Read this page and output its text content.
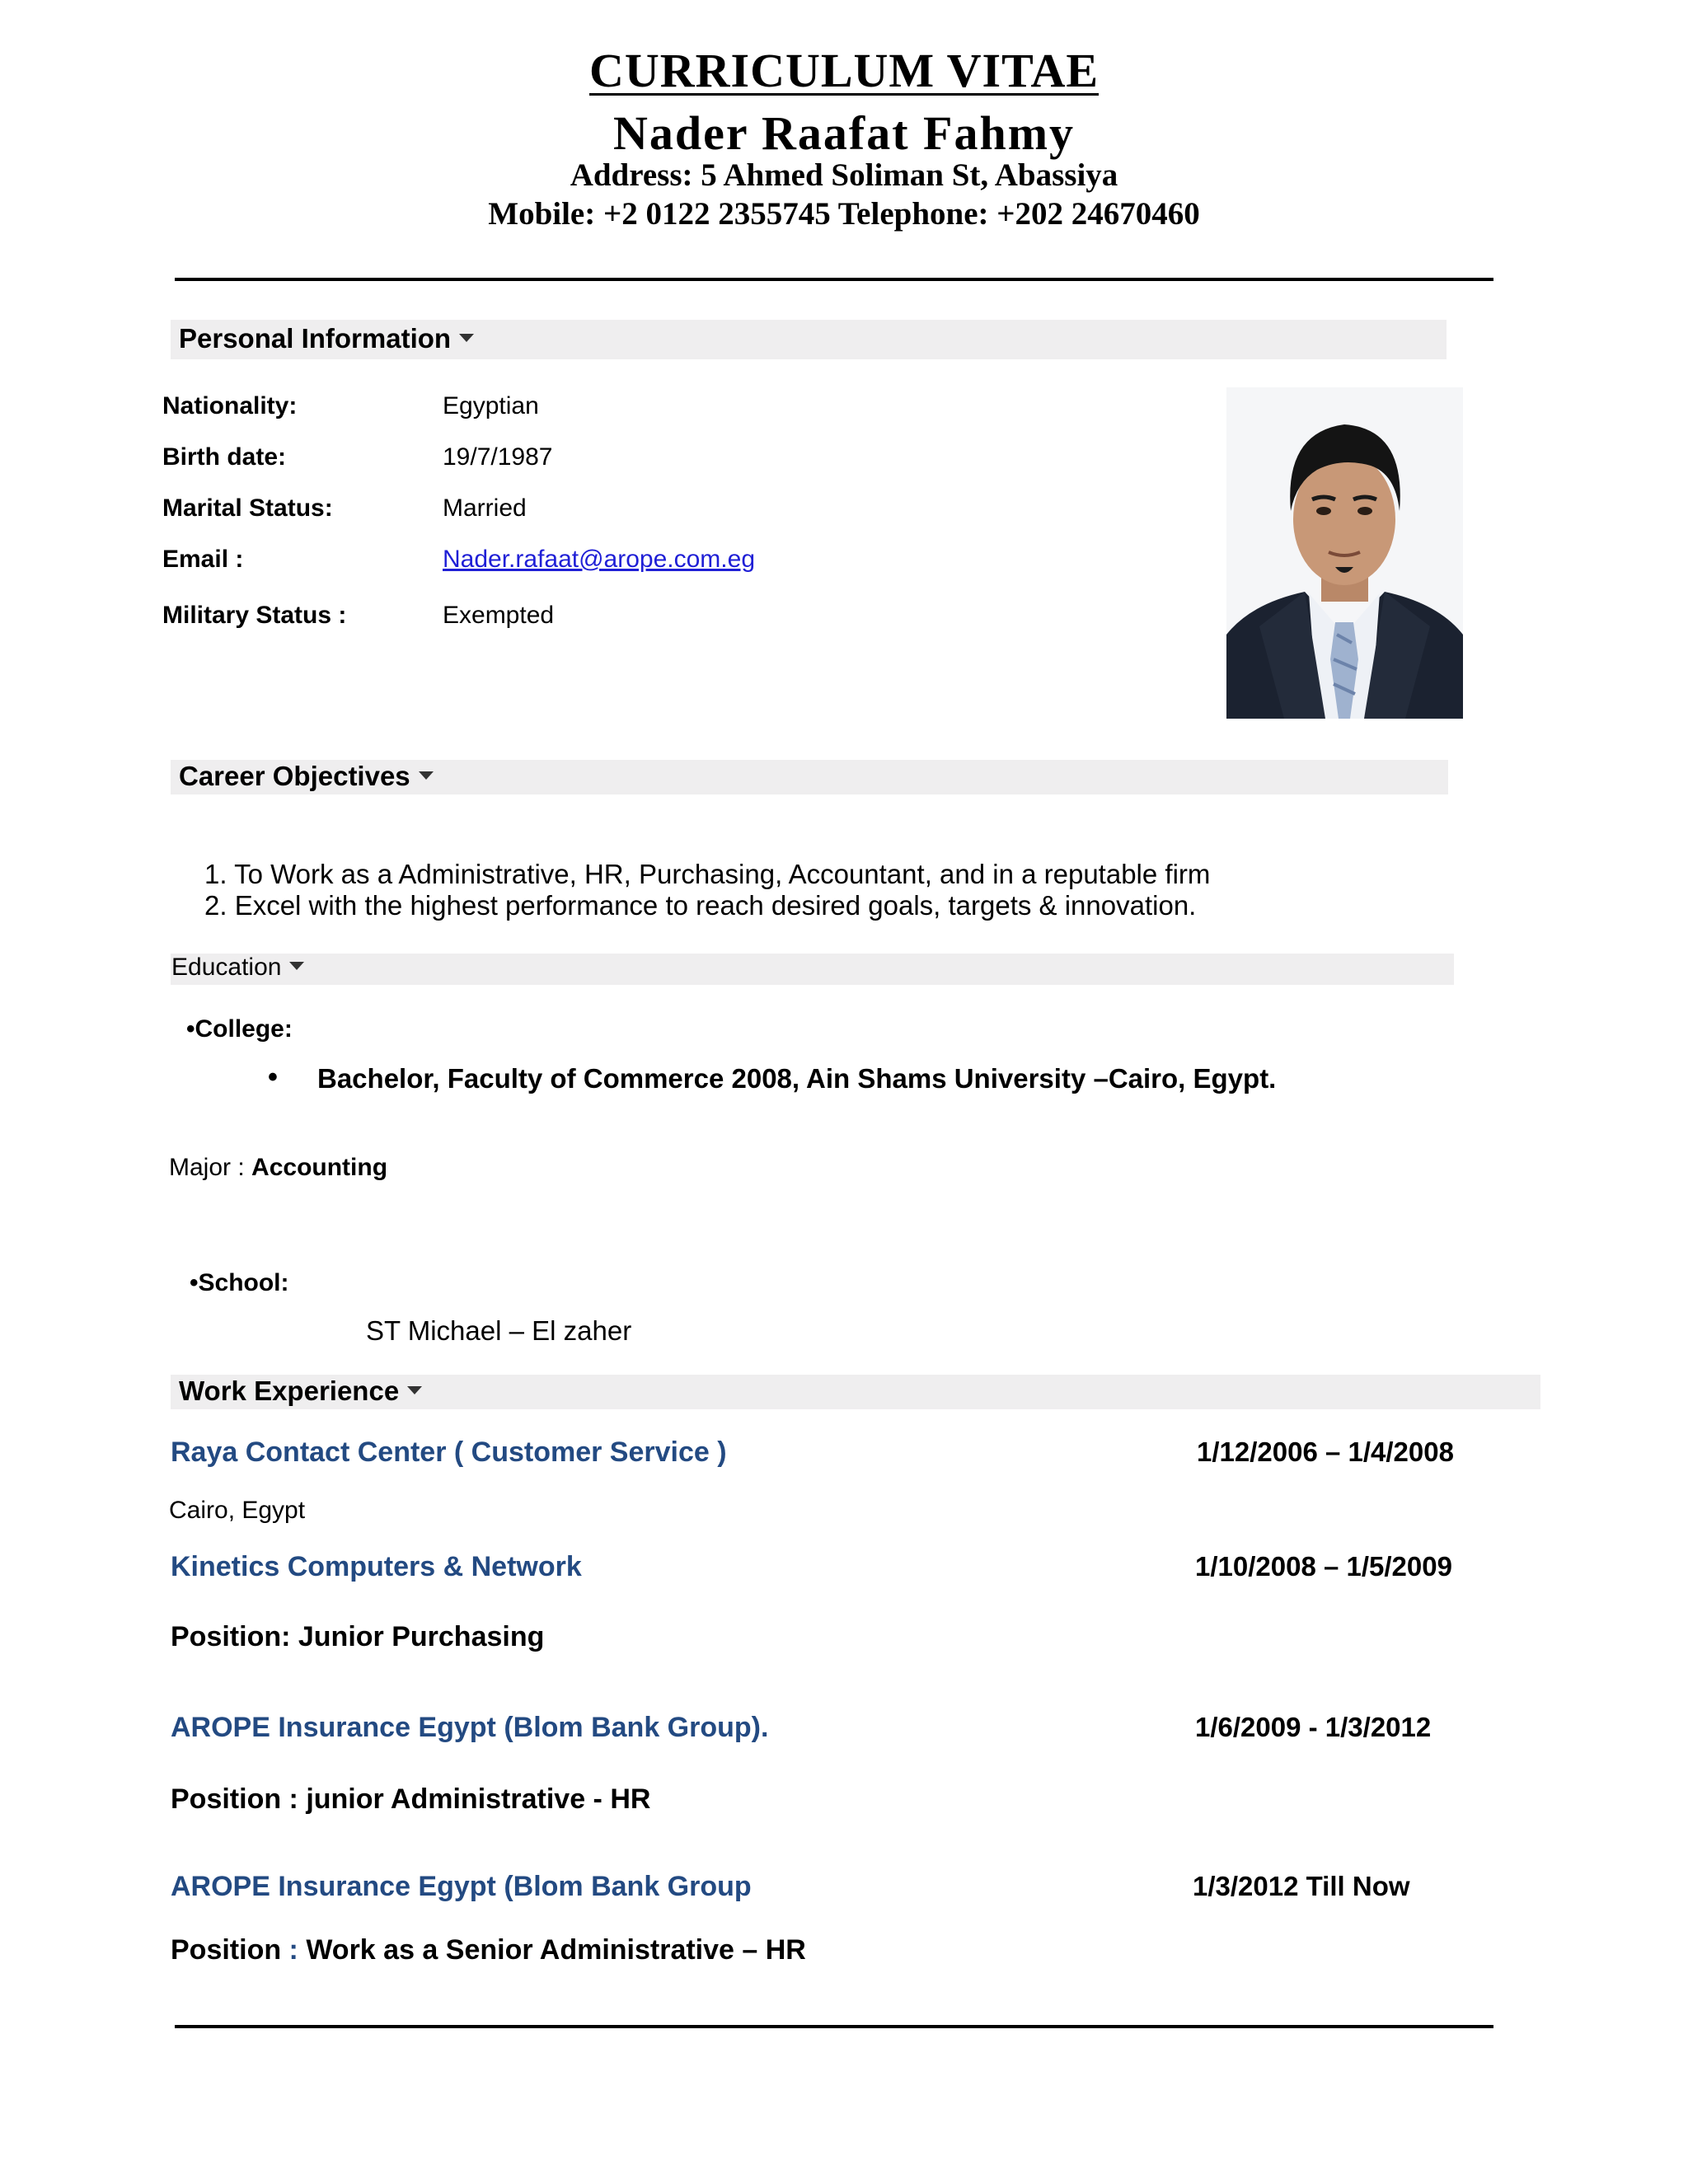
CURRICULUM VITAE
Nader Raafat Fahmy
Address: 5 Ahmed Soliman St, Abassiya
Mobile: +2 0122 2355745 Telephone: +202 24670460
Personal Information
Nationality:	Egyptian
Birth date:	19/7/1987
Marital Status:	Married
Email :	Nader.rafaat@arope.com.eg
Military Status :	Exempted
Career Objectives
1. To Work as a Administrative, HR, Purchasing, Accountant, and in a reputable firm
2. Excel with the highest performance to reach desired goals, targets & innovation.
Education
•College:
• Bachelor, Faculty of Commerce 2008, Ain Shams University –Cairo, Egypt.
Major : Accounting
•School:
ST Michael – El zaher
Work Experience
Raya Contact Center ( Customer Service )	1/12/2006 – 1/4/2008
Cairo, Egypt
Kinetics Computers & Network	1/10/2008 – 1/5/2009
Position: Junior Purchasing
AROPE Insurance Egypt (Blom Bank Group).	1/6/2009 - 1/3/2012
Position : junior Administrative - HR
AROPE Insurance Egypt (Blom Bank Group	1/3/2012 Till Now
Position : Work as a Senior Administrative – HR
